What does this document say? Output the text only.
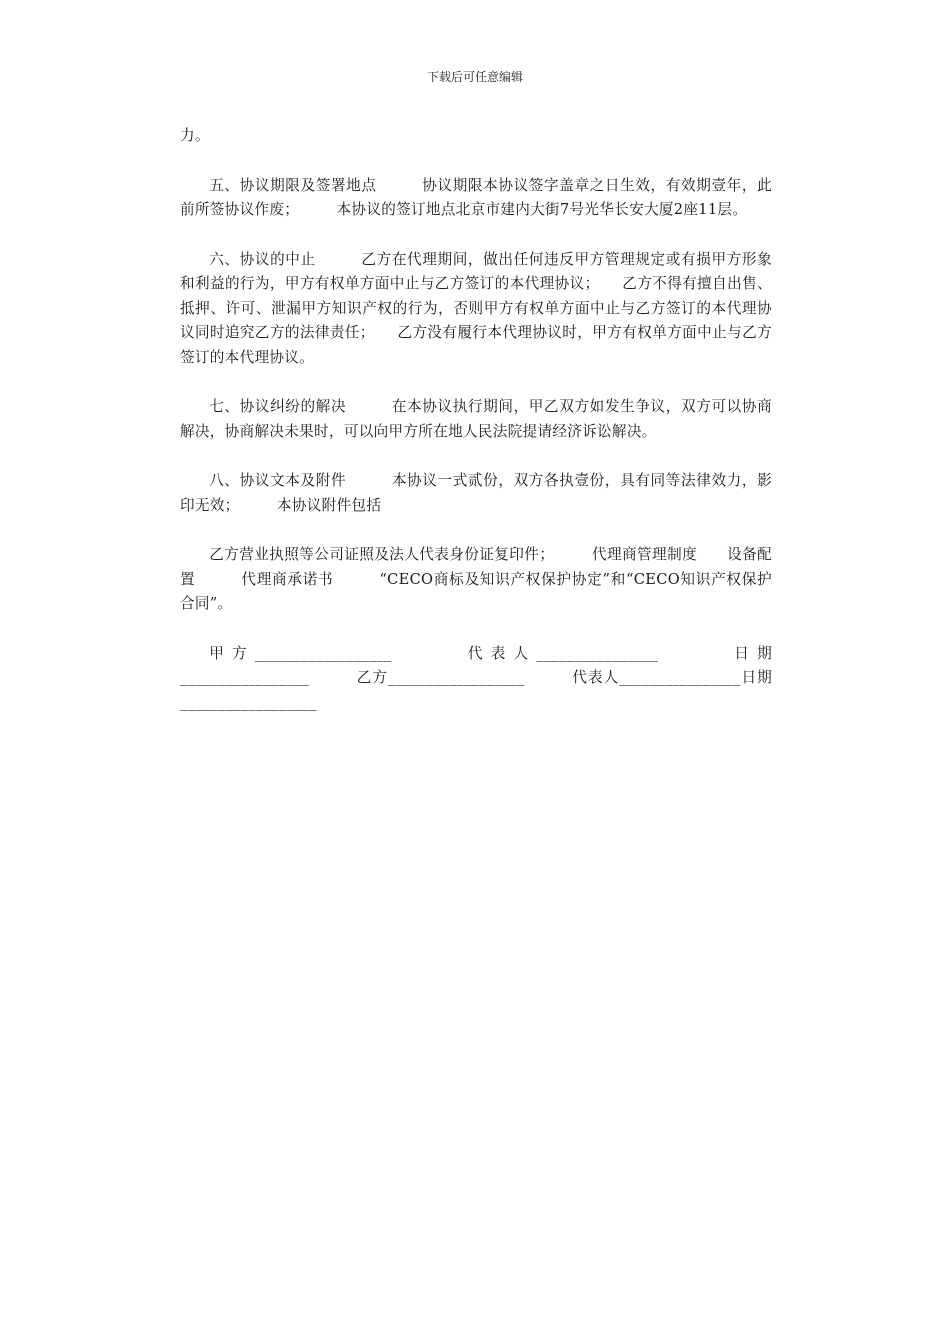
下载后可任意编辑

力。

五、协议期限及签署地点　　　协议期限本协议签字盖章之日生效，有效期壹年，此前所签协议作废；　　　本协议的签订地点北京市建内大街7号光华长安大厦2座11层。

六、协议的中止　　　乙方在代理期间，做出任何违反甲方管理规定或有损甲方形象和利益的行为，甲方有权单方面中止与乙方签订的本代理协议；　　乙方不得有擅自出售、抵押、许可、泄漏甲方知识产权的行为，否则甲方有权单方面中止与乙方签订的本代理协议同时追究乙方的法律责任；　　乙方没有履行本代理协议时，甲方有权单方面中止与乙方签订的本代理协议。

七、协议纠纷的解决　　　在本协议执行期间，甲乙双方如发生争议，双方可以协商解决，协商解决未果时，可以向甲方所在地人民法院提请经济诉讼解决。

八、协议文本及附件　　　本协议一式贰份，双方各执壹份，具有同等法律效力，影印无效；　　　本协议附件包括

乙方营业执照等公司证照及法人代表身份证复印件；　　　代理商管理制度　　设备配置　　　代理商承诺书　　　“CECO商标及知识产权保护协定”和“CECO知识产权保护合同”。

甲方__________________　　　代表人________________　　　日期_________________　　　乙方__________________　　　代表人________________日期__________________
